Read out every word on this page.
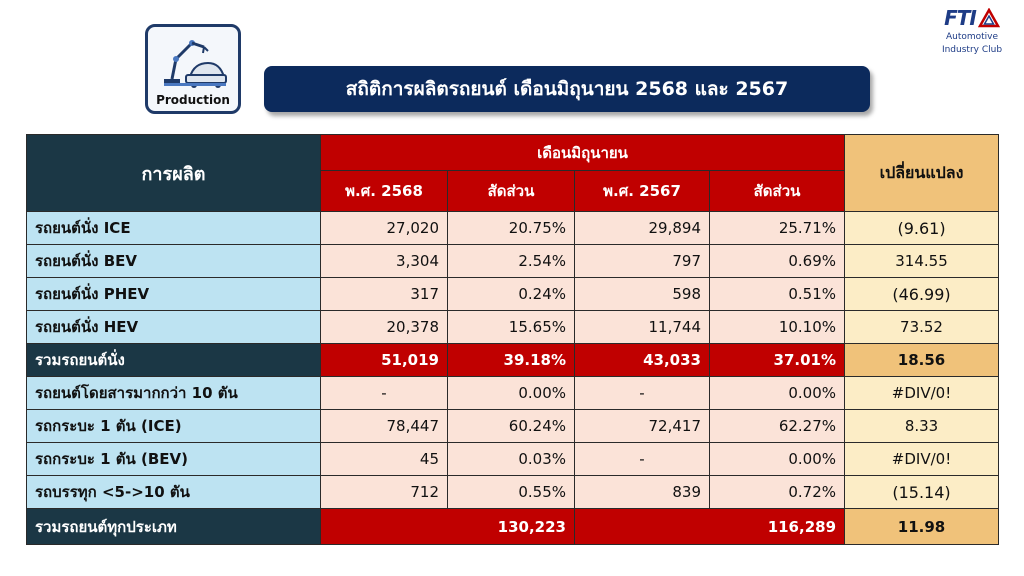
Production	สถิติการผลิตรถยนต์ เดือนมิถุนายน 2568 และ 2567
FTI
Automotive
Industry Club
การผลิต	เดือนมิถุนายน				เปลี่ยนแปลง
	พ.ศ. 2568	สัดส่วน	พ.ศ. 2567	สัดส่วน	
รถยนต์นั่ง ICE	27,020	20.75%	29,894	25.71%	(9.61)
รถยนต์นั่ง BEV	3,304	2.54%	797	0.69%	314.55
รถยนต์นั่ง PHEV	317	0.24%	598	0.51%	(46.99)
รถยนต์นั่ง HEV	20,378	15.65%	11,744	10.10%	73.52
รวมรถยนต์นั่ง	51,019	39.18%	43,033	37.01%	18.56
รถยนต์โดยสารมากกว่า 10 ตัน	-	0.00%	-	0.00%	#DIV/0!
รถกระบะ 1 ตัน (ICE)	78,447	60.24%	72,417	62.27%	8.33
รถกระบะ 1 ตัน (BEV)	45	0.03%	-	0.00%	#DIV/0!
รถบรรทุก <5->10 ตัน	712	0.55%	839	0.72%	(15.14)
รวมรถยนต์ทุกประเภท	130,223		116,289		11.98
